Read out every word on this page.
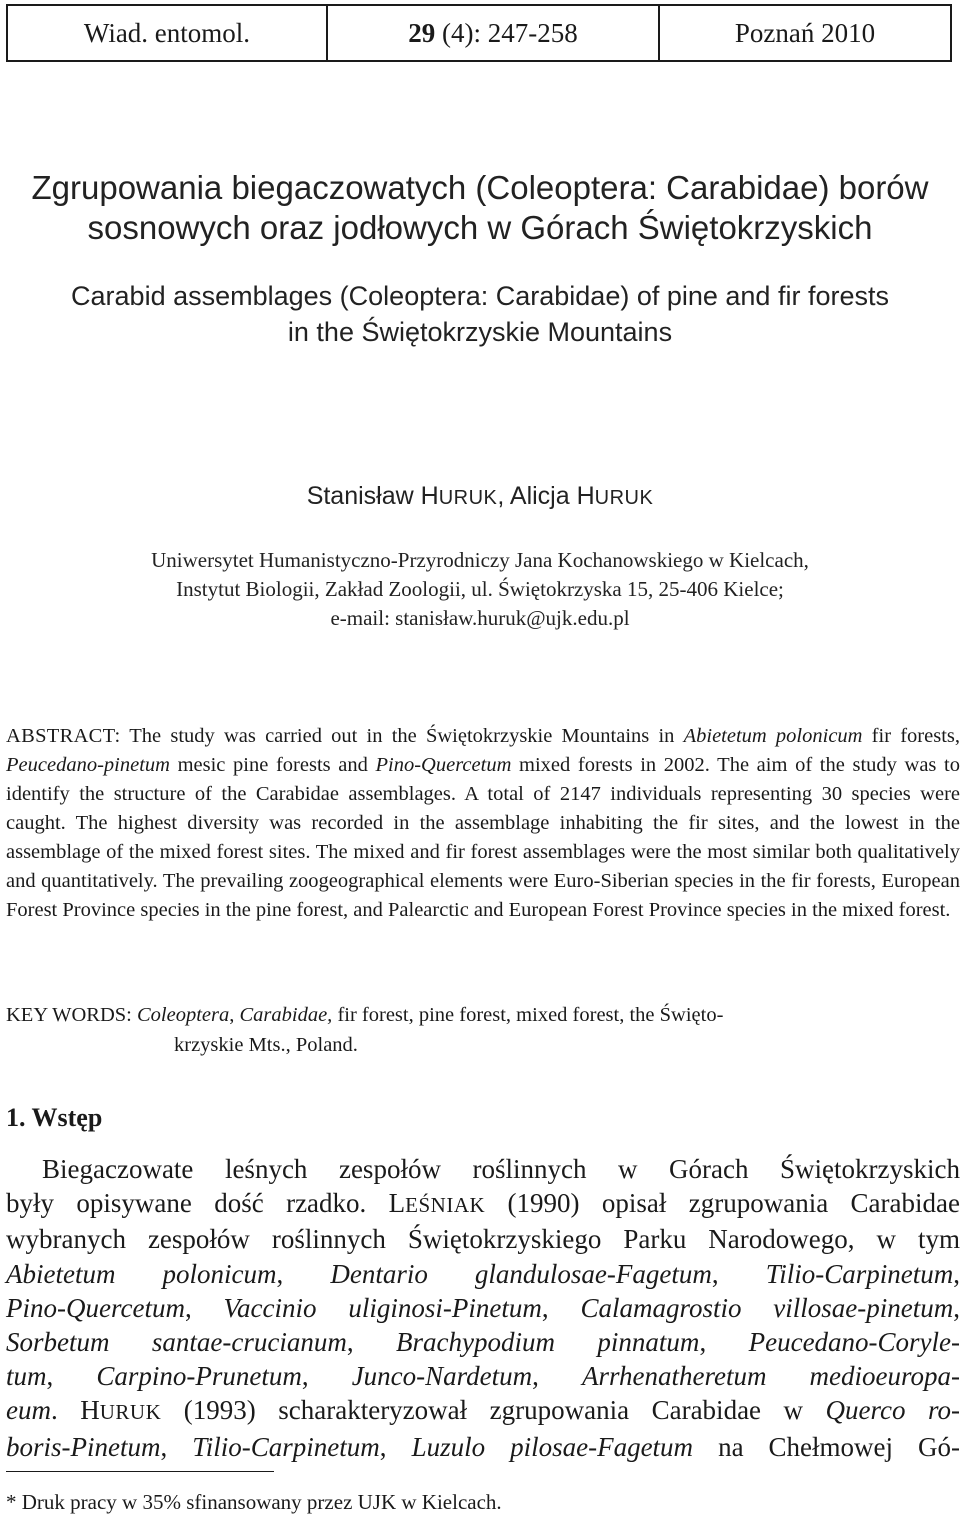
Wiad. entomol.	29
(4): 247-258	Poznań 2010
Zgrupowania biegaczowatych (Coleoptera: Carabidae) borów
sosnowych oraz jodłowych w Górach Świętokrzyskich
Carabid assemblages (Coleoptera: Carabidae) of pine and fir forests
in the Świętokrzyskie Mountains
Stanisław HURUK, Alicja HURUK
Uniwersytet Humanistyczno-Przyrodniczy Jana Kochanowskiego w Kielcach,
Instytut Biologii, Zakład Zoologii, ul. Świętokrzyska 15, 25-406 Kielce;
e-mail: stanisław.huruk@ujk.edu.pl
ABSTRACT: The study was carried out in the Świętokrzyskie Mountains in Abietetum polonicum fir forests, Peucedano-pinetum mesic pine forests and Pino-Quercetum mixed forests in 2002. The aim of the study was to identify the structure of the Carabidae assemblages. A total of 2147 individuals representing 30 species were caught. The highest diversity was recorded in the assemblage inhabiting the fir sites, and the lowest in the assemblage of the mixed forest sites. The mixed and fir forest assemblages were the most similar both qualitatively and quantitatively. The prevailing zoogeographical elements were Euro-Siberian species in the fir forests, European Forest Province species in the pine forest, and Palearctic and European Forest Province species in the mixed forest.
KEY WORDS: Coleoptera, Carabidae, fir forest, pine forest, mixed forest, the Święto-
krzyskie Mts., Poland.
1. Wstęp
Biegaczowate leśnych zespołów roślinnych w Górach Świętokrzyskich
były opisywane dość rzadko. LEŚNIAK (1990) opisał zgrupowania Carabidae
wybranych zespołów roślinnych Świętokrzyskiego Parku Narodowego, w tym
Abietetum polonicum, Dentario glandulosae-Fagetum, Tilio-Carpinetum,
Pino-Quercetum, Vaccinio uliginosi-Pinetum, Calamagrostio villosae-pinetum,
Sorbetum santae-crucianum, Brachypodium pinnatum, Peucedano-Coryle-
tum, Carpino-Prunetum, Junco-Nardetum, Arrhenatheretum medioeuropa-
eum. HURUK (1993) scharakteryzował zgrupowania Carabidae w Querco ro-
boris-Pinetum, Tilio-Carpinetum, Luzulo pilosae-Fagetum na Chełmowej Gó-
* Druk pracy w 35% sfinansowany przez UJK w Kielcach.
